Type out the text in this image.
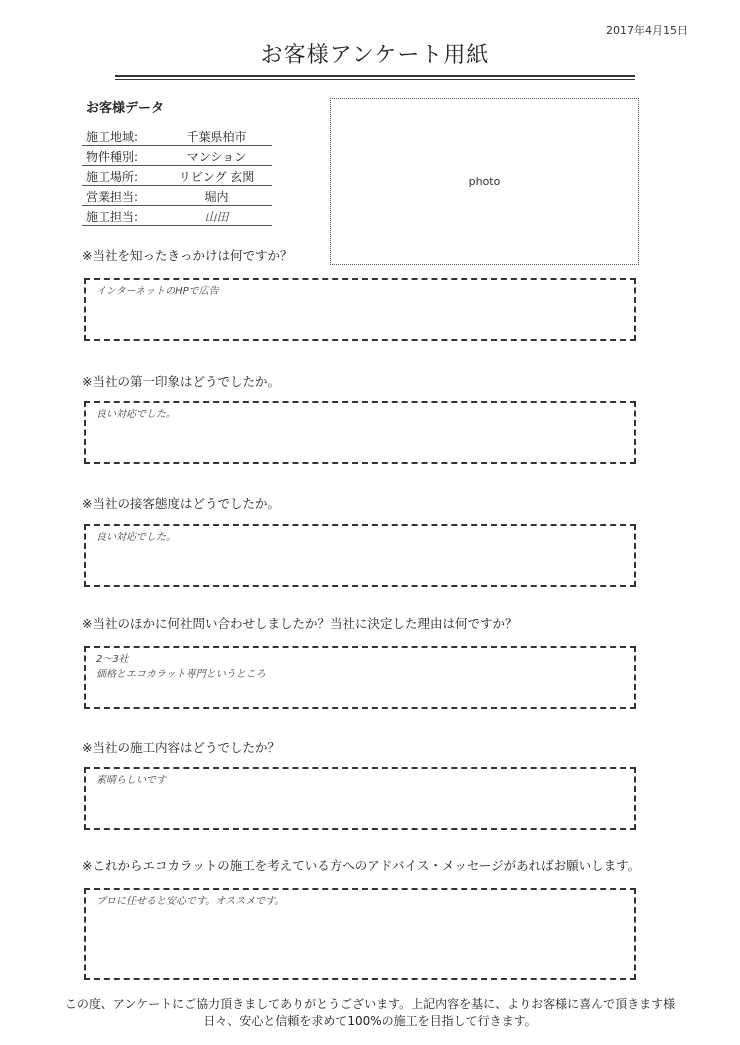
2017年4月15日
お客様アンケート用紙
お客様データ
施工地域:	千葉県柏市
物件種別:	マンション
施工場所:	リビング 玄関
営業担当:	堀内
施工担当:	山田
photo
※当社を知ったきっかけは何ですか？
インターネットのHPで広告
※当社の第一印象はどうでしたか。
良い対応でした。
※当社の接客態度はどうでしたか。
良い対応でした。
※当社のほかに何社問い合わせしましたか？当社に決定した理由は何ですか？
2～3社
価格とエコカラット専門というところ
※当社の施工内容はどうでしたか？
素晴らしいです
※これからエコカラットの施工を考えている方へのアドバイス・メッセージがあればお願いします。
プロに任せると安心です。オススメです。
この度、アンケートにご協力頂きましてありがとうございます。上記内容を基に、よりお客様に喜んで頂きます様
日々、安心と信頼を求めて100%の施工を目指して行きます。
